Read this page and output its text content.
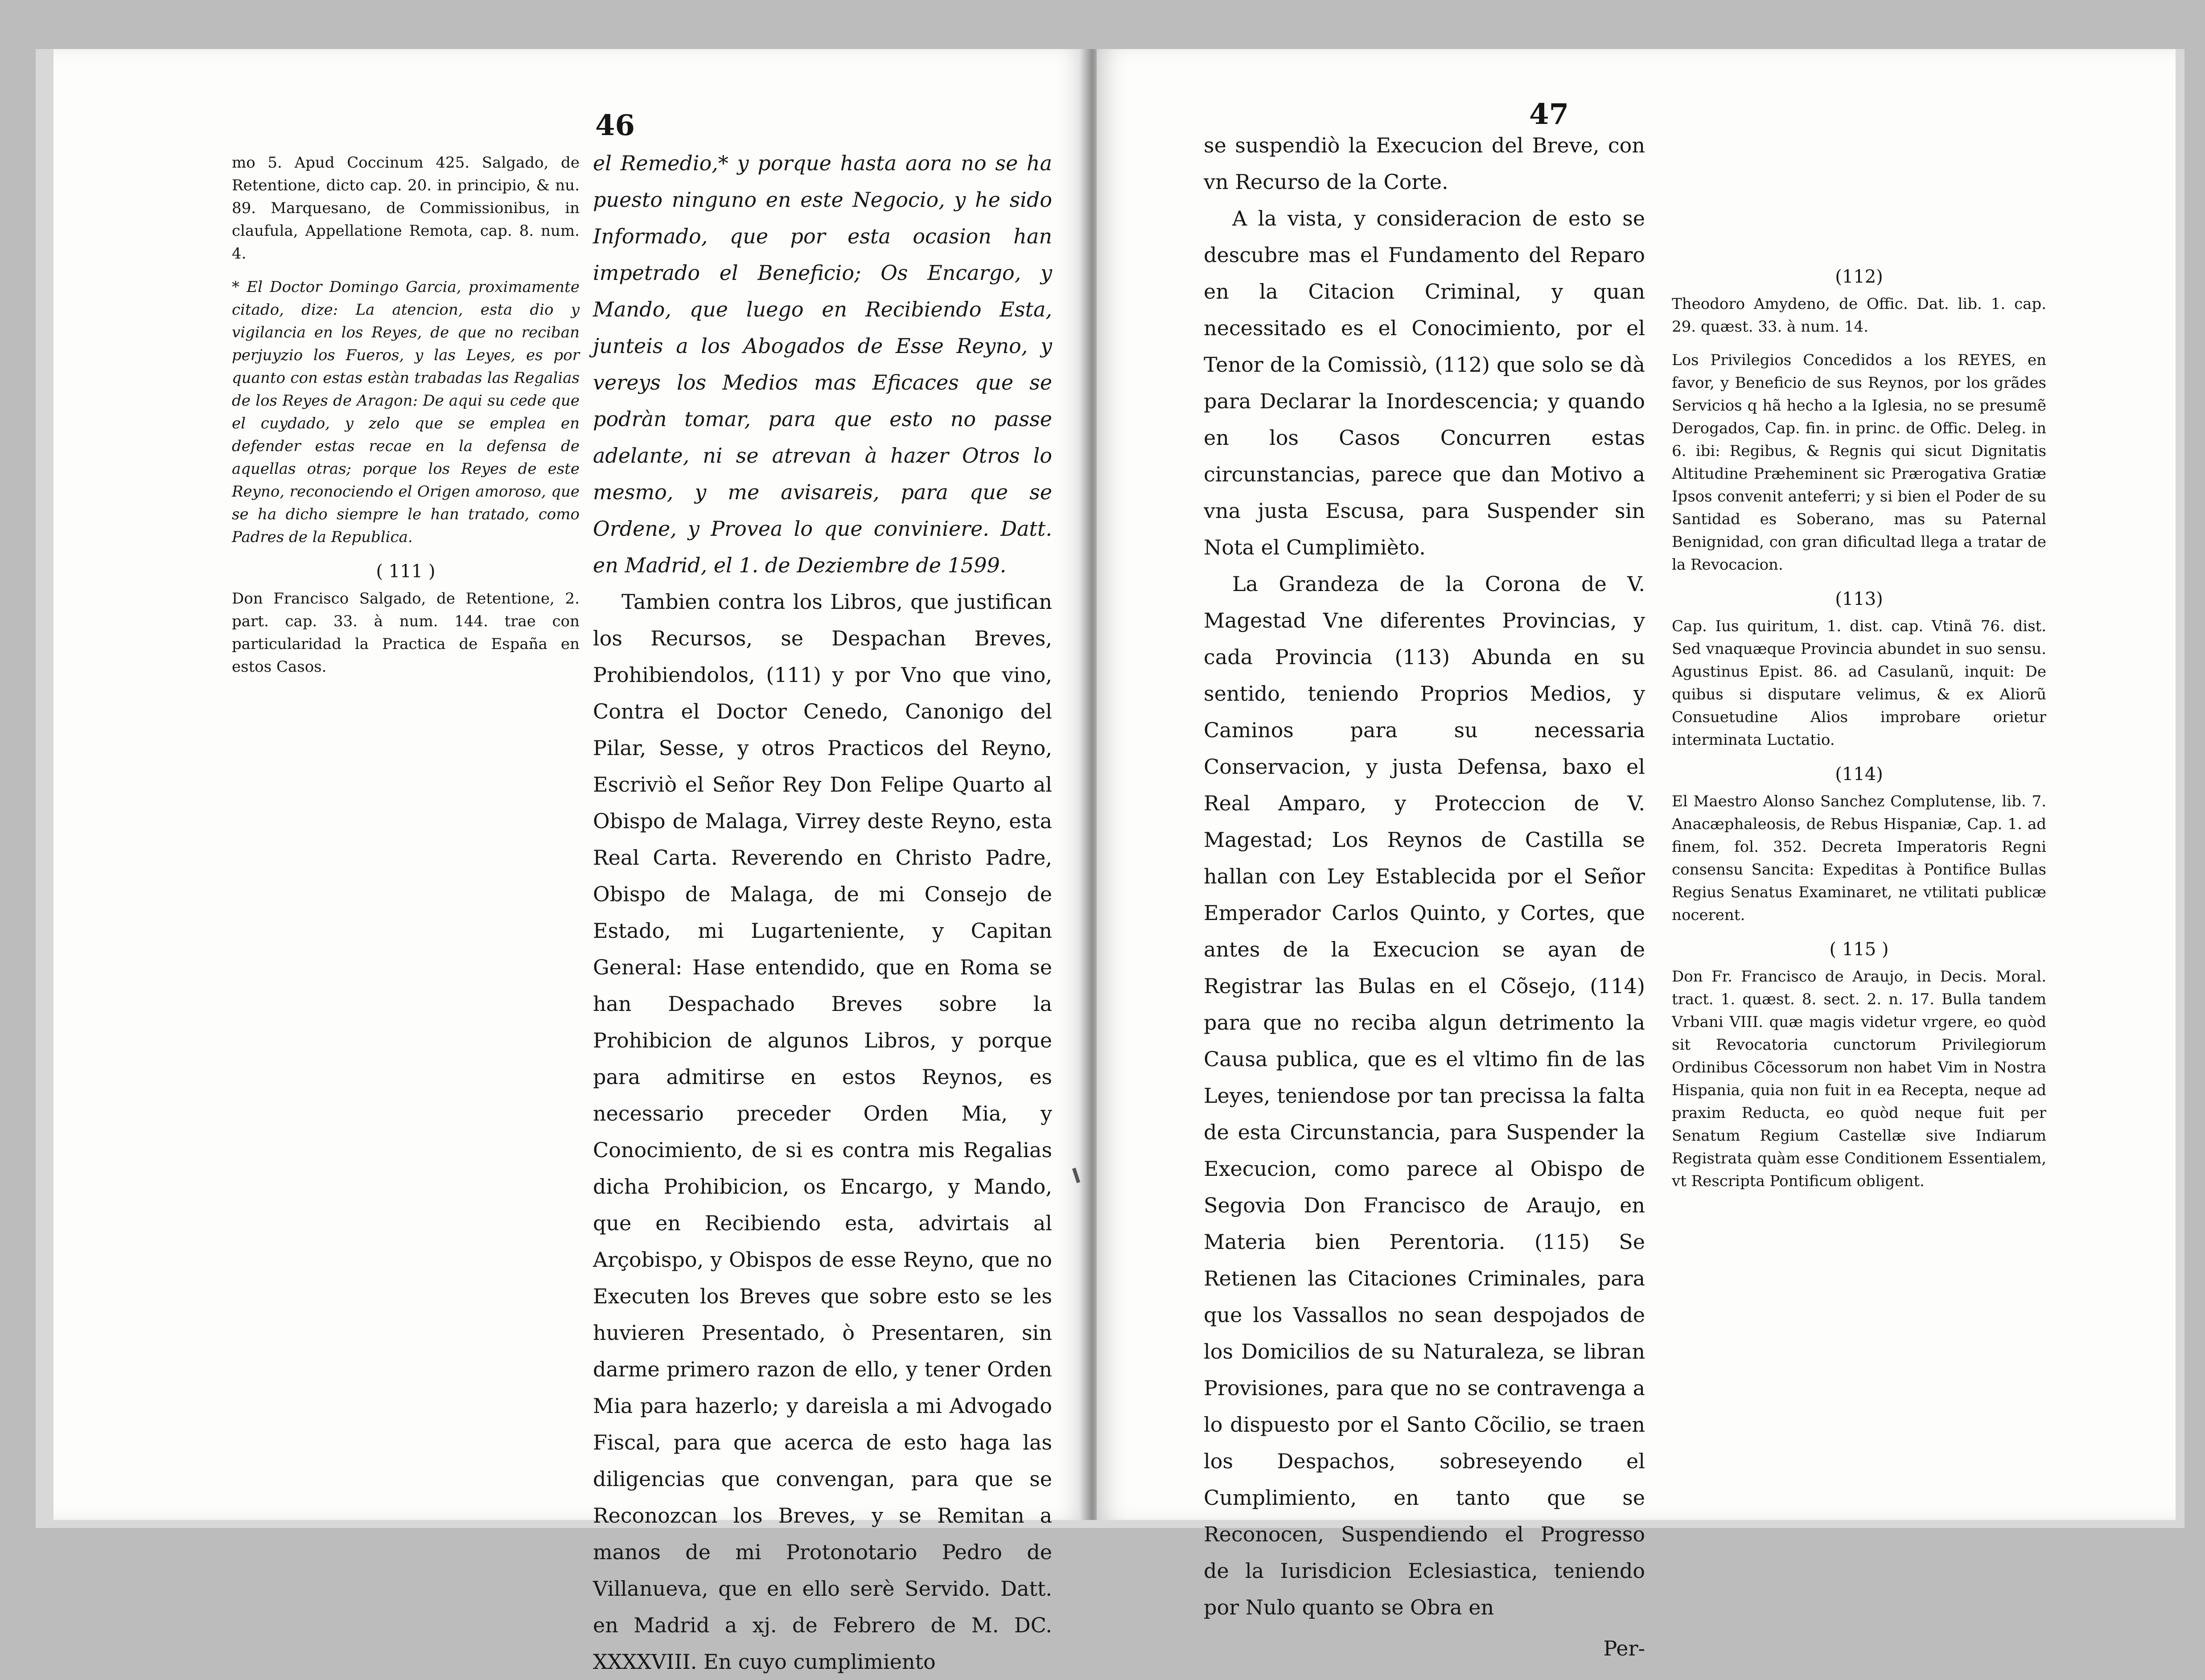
46

mo 5. Apud Coccinum 425. Salgado, de Retentione, dicto cap. 20. in principio, & nu. 89. Marquesano, de Commissionibus, in claufula, Appellatione Remota, cap. 8. num. 4.

* El Doctor Domingo Garcia, proximamente citado, dize: La atencion, esta dio y vigilancia en los Reyes, de que no reciban perjuyzio los Fueros, y las Leyes, es por quanto con estas estàn trabadas las Regalias de los Reyes de Aragon: De aqui su cede que el cuydado, y zelo que se emplea en defender estas recae en la defensa de aquellas otras; porque los Reyes de este Reyno, reconociendo el Origen amoroso, que se ha dicho siempre le han tratado, como Padres de la Republica.

( 111 )

Don Francisco Salgado, de Retentione, 2. part. cap. 33. à num. 144. trae con particularidad la Practica de España en estos Casos.

el Remedio,* y porque hasta aora no se ha puesto ninguno en este Negocio, y he sido Informado, que por esta ocasion han impetrado el Beneficio; Os Encargo, y Mando, que luego en Recibiendo Esta, junteis a los Abogados de Esse Reyno, y vereys los Medios mas Eficaces que se podràn tomar, para que esto no passe adelante, ni se atrevan à hazer Otros lo mesmo, y me avisareis, para que se Ordene, y Provea lo que conviniere. Datt. en Madrid, el 1. de Deziembre de 1599.

Tambien contra los Libros, que justifican los Recursos, se Despachan Breves, Prohibiendolos, (111) y por Vno que vino, Contra el Doctor Cenedo, Canonigo del Pilar, Sesse, y otros Practicos del Reyno, Escriviò el Señor Rey Don Felipe Quarto al Obispo de Malaga, Virrey deste Reyno, esta Real Carta. Reverendo en Christo Padre, Obispo de Malaga, de mi Consejo de Estado, mi Lugarteniente, y Capitan General: Hase entendido, que en Roma se han Despachado Breves sobre la Prohibicion de algunos Libros, y porque para admitirse en estos Reynos, es necessario preceder Orden Mia, y Conocimiento, de si es contra mis Regalias dicha Prohibicion, os Encargo, y Mando, que en Recibiendo esta, advirtais al Arçobispo, y Obispos de esse Reyno, que no Executen los Breves que sobre esto se les huvieren Presentado, ò Presentaren, sin darme primero razon de ello, y tener Orden Mia para hazerlo; y dareisla a mi Advogado Fiscal, para que acerca de esto haga las diligencias que convengan, para que se Reconozcan los Breves, y se Remitan a manos de mi Protonotario Pedro de Villanueva, que en ello serè Servido. Datt. en Madrid a xj. de Febrero de M. DC. XXXXVIII. En cuyo cumplimiento

47

se suspendiò la Execucion del Breve, con vn Recurso de la Corte.

A la vista, y consideracion de esto se descubre mas el Fundamento del Reparo en la Citacion Criminal, y quan necessitado es el Conocimiento, por el Tenor de la Comissiò, (112) que solo se dà para Declarar la Inordescencia; y quando en los Casos Concurren estas circunstancias, parece que dan Motivo a vna justa Escusa, para Suspender sin Nota el Cumplimièto.

La Grandeza de la Corona de V. Magestad Vne diferentes Provincias, y cada Provincia (113) Abunda en su sentido, teniendo Proprios Medios, y Caminos para su necessaria Conservacion, y justa Defensa, baxo el Real Amparo, y Proteccion de V. Magestad; Los Reynos de Castilla se hallan con Ley Establecida por el Señor Emperador Carlos Quinto, y Cortes, que antes de la Execucion se ayan de Registrar las Bulas en el Cõsejo, (114) para que no reciba algun detrimento la Causa publica, que es el vltimo fin de las Leyes, teniendose por tan precissa la falta de esta Circunstancia, para Suspender la Execucion, como parece al Obispo de Segovia Don Francisco de Araujo, en Materia bien Perentoria. (115) Se Retienen las Citaciones Criminales, para que los Vassallos no sean despojados de los Domicilios de su Naturaleza, se libran Provisiones, para que no se contravenga a lo dispuesto por el Santo Cõcilio, se traen los Despachos, sobreseyendo el Cumplimiento, en tanto que se Reconocen, Suspendiendo el Progresso de la Iurisdicion Eclesiastica, teniendo por Nulo quanto se Obra en

Per-
(112)

Theodoro Amydeno, de Offic. Dat. lib. 1. cap. 29. quæst. 33. à num. 14.

Los Privilegios Concedidos a los REYES, en favor, y Beneficio de sus Reynos, por los grãdes Servicios q hã hecho a la Iglesia, no se presumẽ Derogados, Cap. fin. in princ. de Offic. Deleg. in 6. ibi: Regibus, & Regnis qui sicut Dignitatis Altitudine Præheminent sic Prærogativa Gratiæ Ipsos convenit anteferri; y si bien el Poder de su Santidad es Soberano, mas su Paternal Benignidad, con gran dificultad llega a tratar de la Revocacion.

(113)

Cap. Ius quiritum, 1. dist. cap. Vtinã 76. dist. Sed vnaquæque Provincia abundet in suo sensu. Agustinus Epist. 86. ad Casulanũ, inquit: De quibus si disputare velimus, & ex Aliorũ Consuetudine Alios improbare orietur interminata Luctatio.

(114)

El Maestro Alonso Sanchez Complutense, lib. 7. Anacæphaleosis, de Rebus Hispaniæ, Cap. 1. ad finem, fol. 352. Decreta Imperatoris Regni consensu Sancita: Expeditas à Pontifice Bullas Regius Senatus Examinaret, ne vtilitati publicæ nocerent.

( 115 )

Don Fr. Francisco de Araujo, in Decis. Moral. tract. 1. quæst. 8. sect. 2. n. 17. Bulla tandem Vrbani VIII. quæ magis videtur vrgere, eo quòd sit Revocatoria cunctorum Privilegiorum Ordinibus Cõcessorum non habet Vim in Nostra Hispania, quia non fuit in ea Recepta, neque ad praxim Reducta, eo quòd neque fuit per Senatum Regium Castellæ sive Indiarum Registrata quàm esse Conditionem Essentialem, vt Rescripta Pontificum obligent.
